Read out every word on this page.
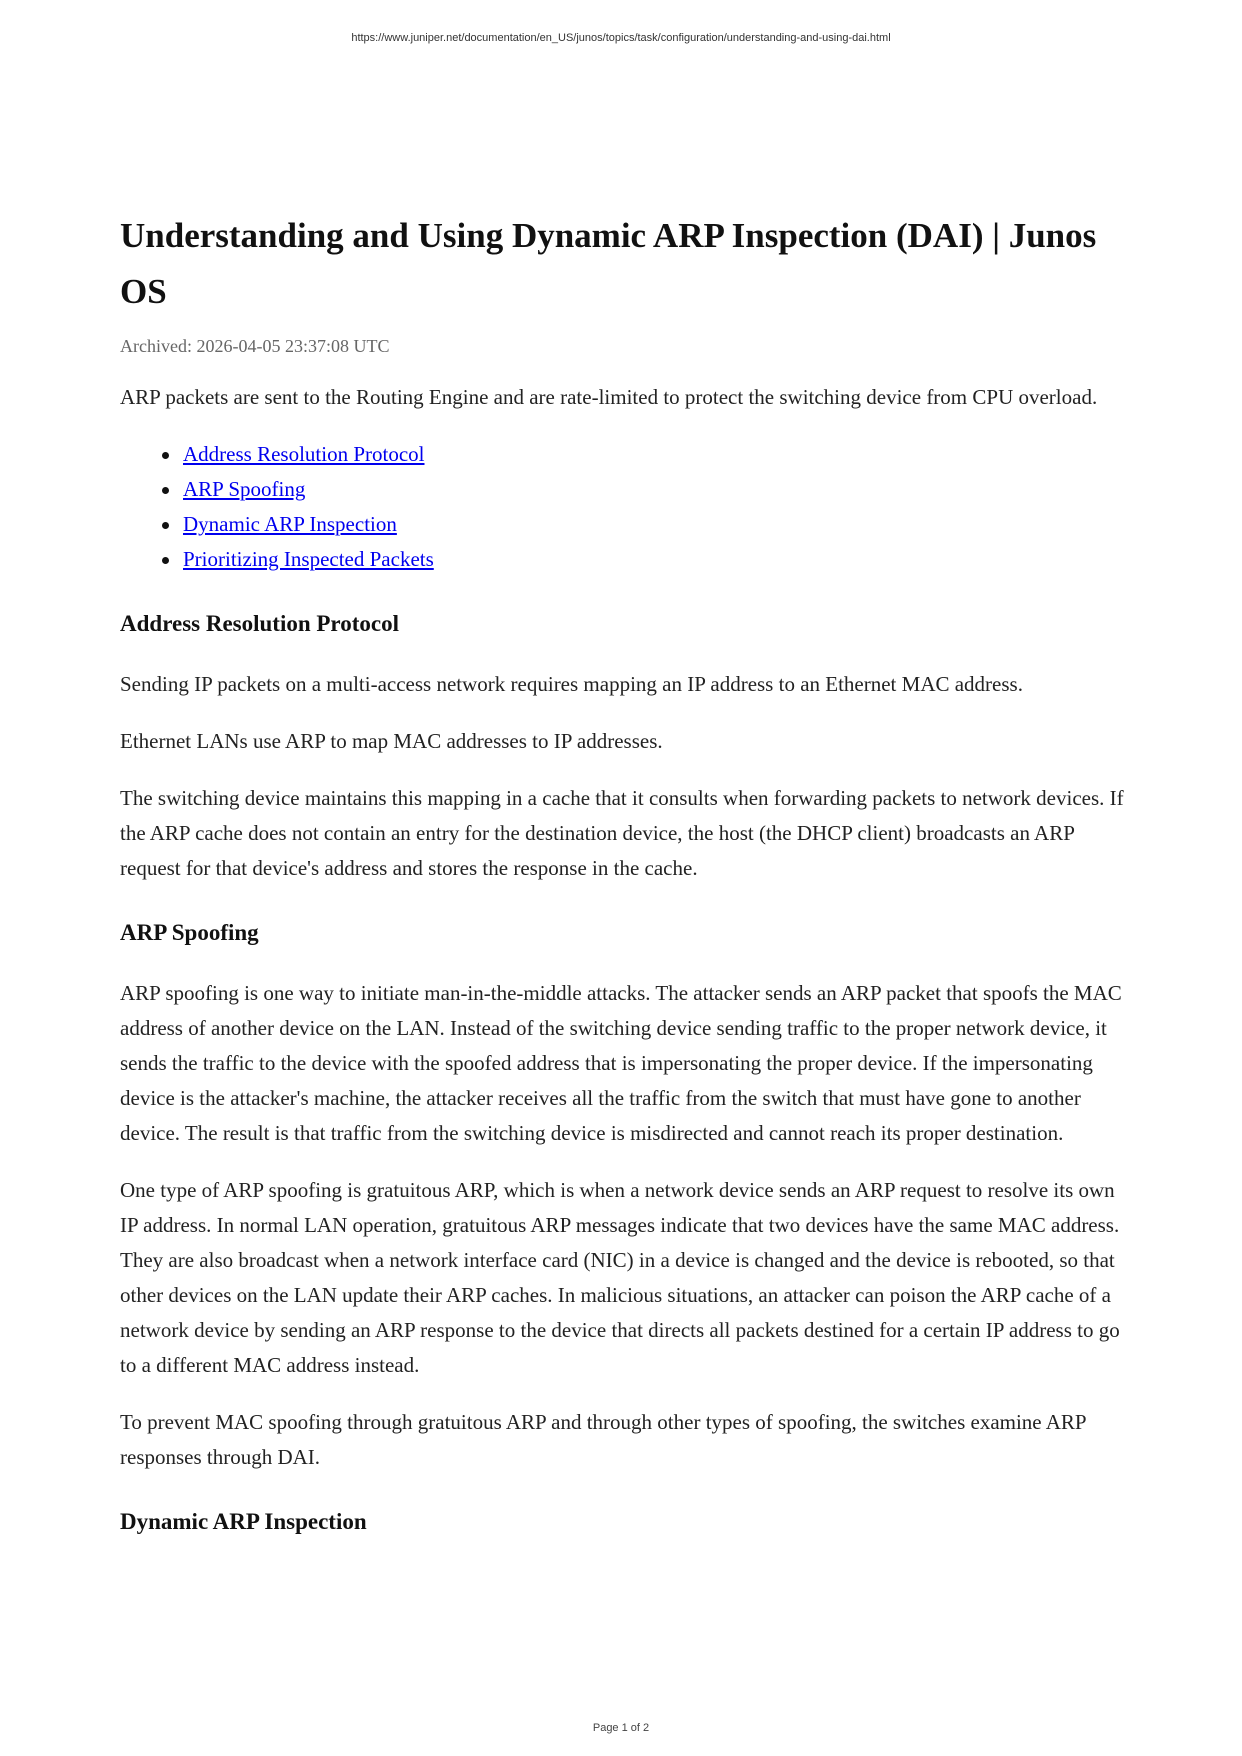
https://www.juniper.net/documentation/en_US/junos/topics/task/configuration/understanding-and-using-dai.html
Understanding and Using Dynamic ARP Inspection (DAI) | Junos OS
Archived: 2026-04-05 23:37:08 UTC

ARP packets are sent to the Routing Engine and are rate-limited to protect the switching device from CPU overload.

Address Resolution Protocol
ARP Spoofing
Dynamic ARP Inspection
Prioritizing Inspected Packets
Address Resolution Protocol

Sending IP packets on a multi-access network requires mapping an IP address to an Ethernet MAC address.

Ethernet LANs use ARP to map MAC addresses to IP addresses.

The switching device maintains this mapping in a cache that it consults when forwarding packets to network devices. If the ARP cache does not contain an entry for the destination device, the host (the DHCP client) broadcasts an ARP request for that device's address and stores the response in the cache.

ARP Spoofing

ARP spoofing is one way to initiate man-in-the-middle attacks. The attacker sends an ARP packet that spoofs the MAC address of another device on the LAN. Instead of the switching device sending traffic to the proper network device, it sends the traffic to the device with the spoofed address that is impersonating the proper device. If the impersonating device is the attacker's machine, the attacker receives all the traffic from the switch that must have gone to another device. The result is that traffic from the switching device is misdirected and cannot reach its proper destination.

One type of ARP spoofing is gratuitous ARP, which is when a network device sends an ARP request to resolve its own IP address. In normal LAN operation, gratuitous ARP messages indicate that two devices have the same MAC address. They are also broadcast when a network interface card (NIC) in a device is changed and the device is rebooted, so that other devices on the LAN update their ARP caches. In malicious situations, an attacker can poison the ARP cache of a network device by sending an ARP response to the device that directs all packets destined for a certain IP address to go to a different MAC address instead.

To prevent MAC spoofing through gratuitous ARP and through other types of spoofing, the switches examine ARP responses through DAI.

Dynamic ARP Inspection
Page 1 of 2
